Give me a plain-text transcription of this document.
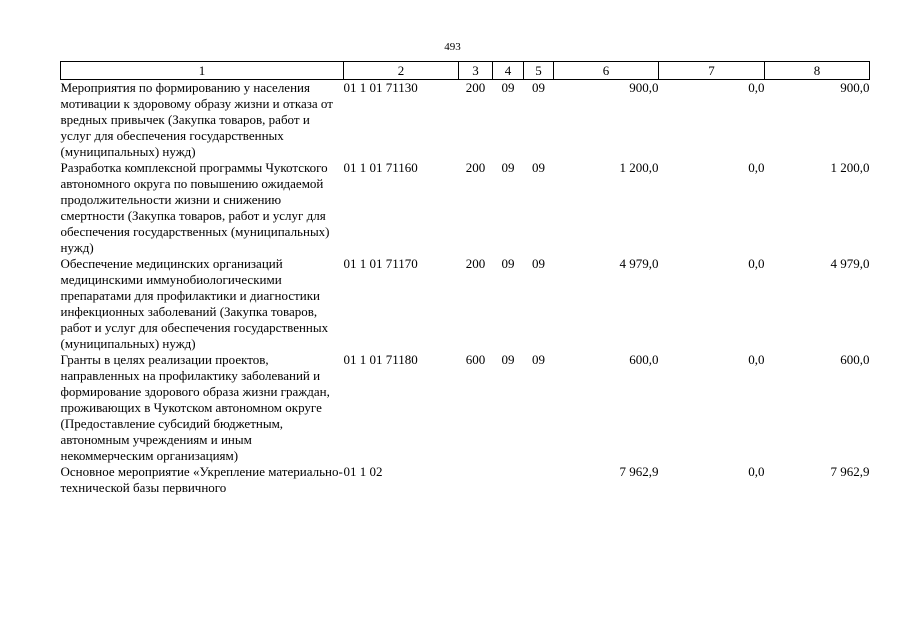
493
1	2	3	4	5	6	7	8
Мероприятия по формированию у населения мотивации к здоровому образу жизни и отказа от вредных привычек (Закупка товаров, работ и услуг для обеспечения государственных (муниципальных) нужд)	01 1 01 71130	200	09	09	900,0	0,0	900,0
Разработка комплексной программы Чукотского автономного округа по повышению ожидаемой продолжительности жизни и снижению смертности (Закупка товаров, работ и услуг для обеспечения государственных (муниципальных) нужд)	01 1 01 71160	200	09	09	1 200,0	0,0	1 200,0
Обеспечение медицинских организаций медицинскими иммунобиологическими препаратами для профилактики и диагностики инфекционных заболеваний (Закупка товаров, работ и услуг для обеспечения государственных (муниципальных) нужд)	01 1 01 71170	200	09	09	4 979,0	0,0	4 979,0
Гранты в целях реализации проектов, направленных на профилактику заболеваний и формирование здорового образа жизни граждан, проживающих в Чукотском автономном округе (Предоставление субсидий бюджетным, автономным учреждениям и иным некоммерческим организациям)	01 1 01 71180	600	09	09	600,0	0,0	600,0
Основное мероприятие «Укрепление материально-технической базы первичного	01 1 02				7 962,9	0,0	7 962,9
